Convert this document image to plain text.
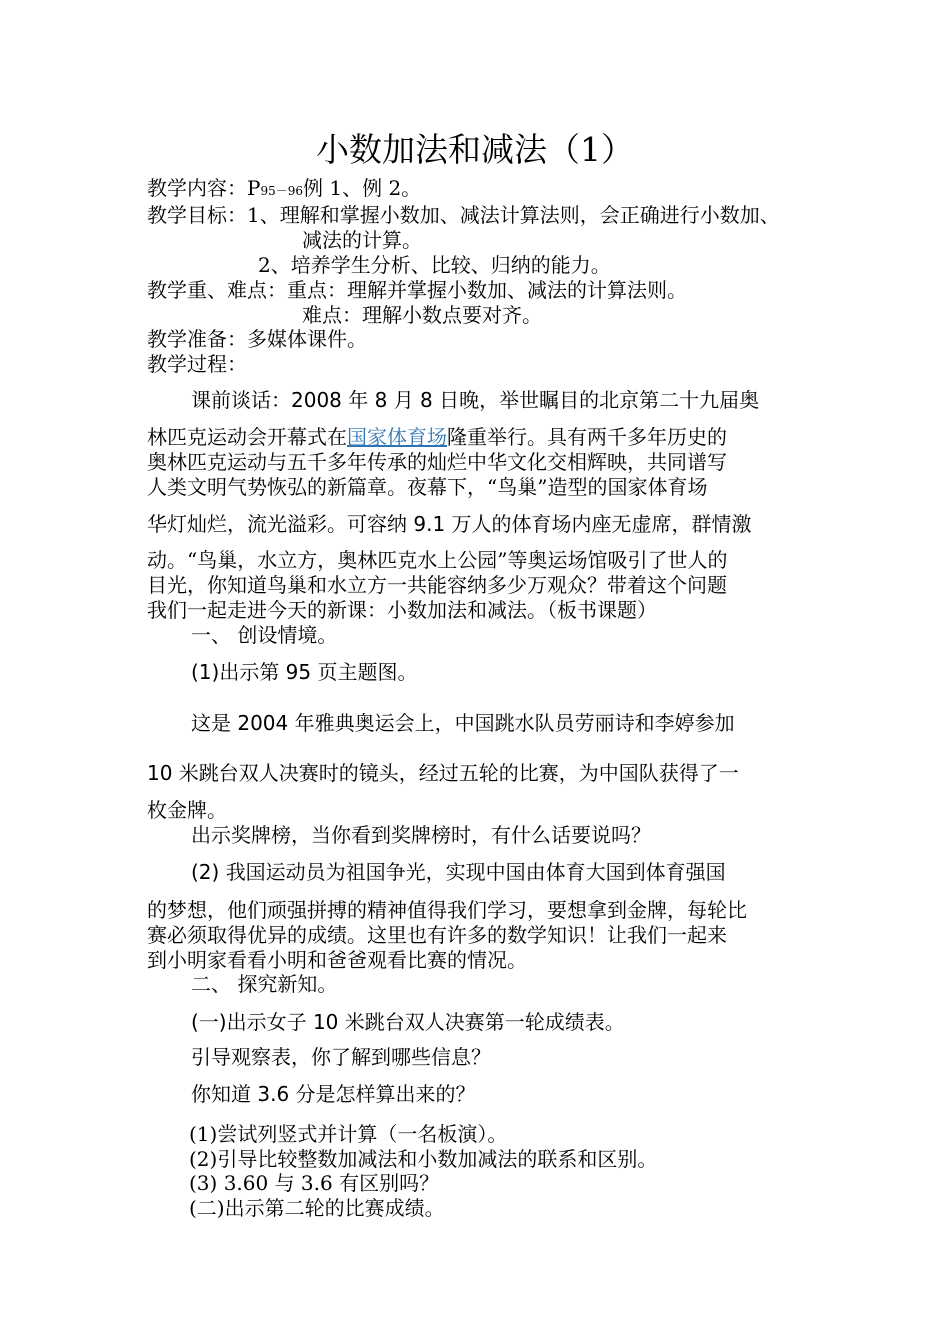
小数加法和减法（1）
教学内容：P95－96例 1、例 2。
教学目标：1、理解和掌握小数加、减法计算法则，会正确进行小数加、
减法的计算。
2、培养学生分析、比较、归纳的能力。
教学重、难点：重点：理解并掌握小数加、减法的计算法则。
难点：理解小数点要对齐。
教学准备：多媒体课件。
教学过程：
课前谈话：2008 年 8 月 8 日晚，举世瞩目的北京第二十九届奥
林匹克运动会开幕式在国家体育场隆重举行。具有两千多年历史的
奥林匹克运动与五千多年传承的灿烂中华文化交相辉映，共同谱写
人类文明气势恢弘的新篇章。夜幕下，“鸟巢”造型的国家体育场
华灯灿烂，流光溢彩。可容纳 9.1 万人的体育场内座无虚席，群情激
动。“鸟巢，水立方，奥林匹克水上公园”等奥运场馆吸引了世人的
目光，你知道鸟巢和水立方一共能容纳多少万观众？带着这个问题
我们一起走进今天的新课：小数加法和减法。（板书课题）
一、 创设情境。
(1)出示第 95 页主题图。
这是 2004 年雅典奥运会上，中国跳水队员劳丽诗和李婷参加
10 米跳台双人决赛时的镜头，经过五轮的比赛，为中国队获得了一
枚金牌。
出示奖牌榜，当你看到奖牌榜时，有什么话要说吗？
(2) 我国运动员为祖国争光，实现中国由体育大国到体育强国
的梦想，他们顽强拼搏的精神值得我们学习，要想拿到金牌，每轮比
赛必须取得优异的成绩。这里也有许多的数学知识！让我们一起来
到小明家看看小明和爸爸观看比赛的情况。
二、 探究新知。
(一)出示女子 10 米跳台双人决赛第一轮成绩表。
引导观察表，你了解到哪些信息？
你知道 3.6 分是怎样算出来的？
(1)尝试列竖式并计算（一名板演）。
(2)引导比较整数加减法和小数加减法的联系和区别。
(3) 3.60 与 3.6 有区别吗？
(二)出示第二轮的比赛成绩。
